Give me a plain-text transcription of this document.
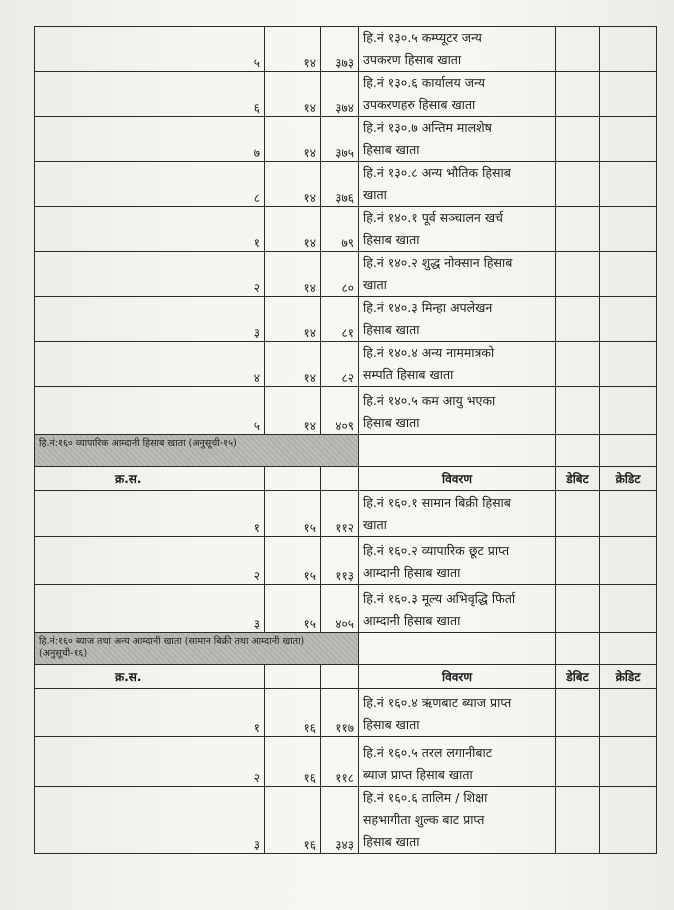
५	१४	३७३	हि.नं १३०.५ कम्प्यूटर जन्य
उपकरण हिसाब खाता		

६	१४	३७४	हि.नं १३०.६ कार्यालय जन्य
उपकरणहरु हिसाब खाता		

७	१४	३७५	हि.नं १३०.७ अन्तिम मालशेष
हिसाब खाता		

८	१४	३७६	हि.नं १३०.८ अन्य भौतिक हिसाब
खाता		

१	१४	७९	हि.नं १४०.१ पूर्व सञ्चालन खर्च
हिसाब खाता		

२	१४	८०	हि.नं १४०.२ शुद्ध नोक्सान हिसाब
खाता		

३	१४	८१	हि.नं १४०.३ मिन्हा अपलेखन
हिसाब खाता		

४	१४	८२	हि.नं १४०.४ अन्य नाममात्रको
सम्पति हिसाब खाता		

५	१४	४०९	हि.नं १४०.५ कम आयु भएका
हिसाब खाता		

हि.नं:१६० व्यापारिक आम्दानी हिसाब खाता (अनुसूची-१५)					
क्र.स.			विवरण	डेबिट	क्रेडिट
१	१५	११२	हि.नं १६०.१ सामान बिक्री हिसाब
खाता		

२	१५	११३	हि.नं १६०.२ व्यापारिक छूट प्राप्त
आम्दानी हिसाब खाता		

३	१५	४०५	हि.नं १६०.३ मूल्य अभिवृद्धि फिर्ता
आम्दानी हिसाब खाता		

हि.नं:१६० ब्याज तथा अन्य आम्दानी खाता (सामान बिक्री तथा आम्दानी खाता) (अनुसूची-१६)					
क्र.स.			विवरण	डेबिट	क्रेडिट
१	१६	११७	हि.नं १६०.४ ऋणबाट ब्याज प्राप्त
हिसाब खाता		

२	१६	११८	हि.नं १६०.५ तरल लगानीबाट
ब्याज प्राप्त हिसाब खाता		

३	१६	३४३	हि.नं १६०.६ तालिम / शिक्षा
सहभागीता शुल्क बाट प्राप्त
हिसाब खाता		
